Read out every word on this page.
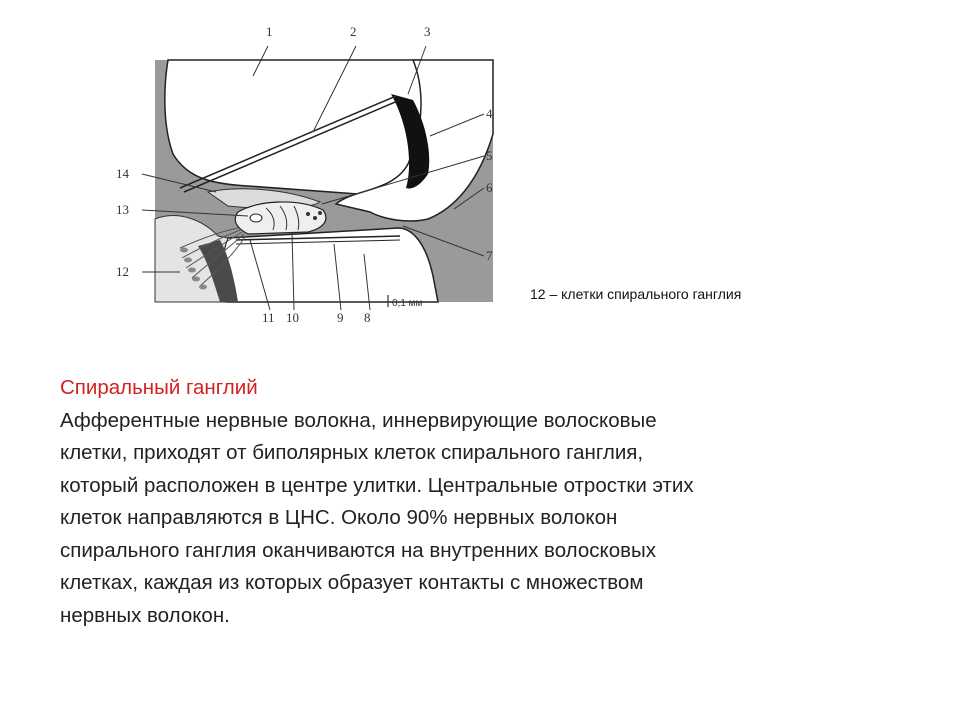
1	2	3
4
5
6
7
8
9
10
11
12
13
14
0,1 мм
12 – клетки спирального ганглия
Спиральный ганглий
Афферентные нервные волокна, иннервирующие волосковые
клетки, приходят от биполярных клеток спирального ганглия,
который расположен в центре улитки. Центральные отростки этих
клеток направляются в ЦНС. Около 90% нервных волокон
спирального ганглия оканчиваются на внутренних волосковых
клетках, каждая из которых образует контакты с множеством
нервных волокон.
